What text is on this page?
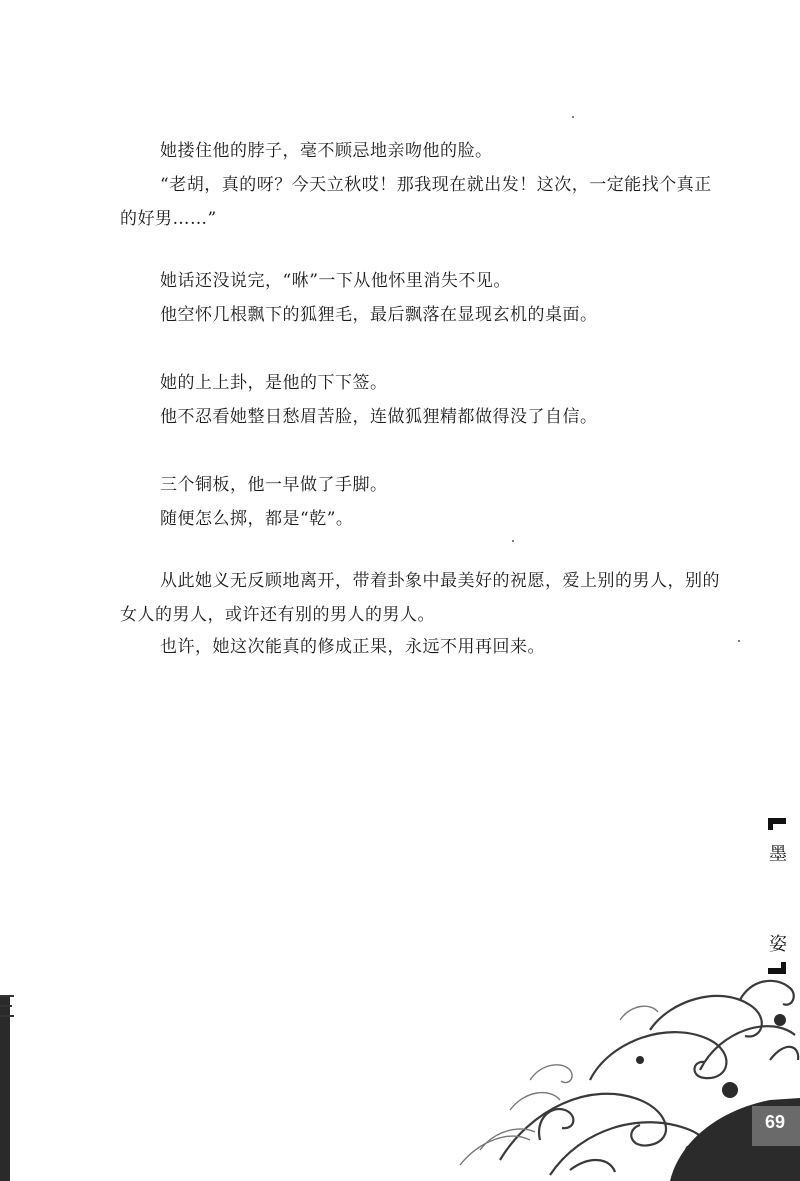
她搂住他的脖子，毫不顾忌地亲吻他的脸。

“老胡，真的呀？今天立秋哎！那我现在就出发！这次，一定能找个真正的好男……”

她话还没说完，“咻”一下从他怀里消失不见。

他空怀几根飘下的狐狸毛，最后飘落在显现玄机的桌面。

她的上上卦，是他的下下签。

他不忍看她整日愁眉苦脸，连做狐狸精都做得没了自信。

三个铜板，他一早做了手脚。

随便怎么掷，都是“乾”。

从此她义无反顾地离开，带着卦象中最美好的祝愿，爱上别的男人，别的女人的男人，或许还有别的男人的男人。

也许，她这次能真的修成正果，永远不用再回来。

墨
姿
69
